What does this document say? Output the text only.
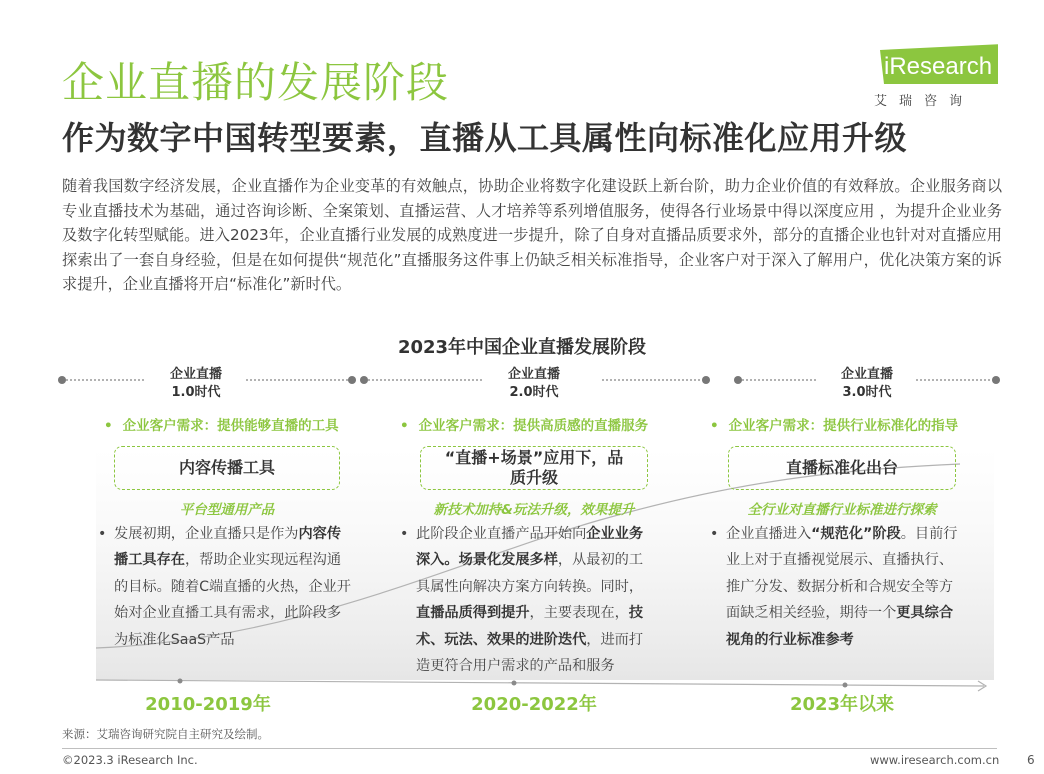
企业直播的发展阶段
作为数字中国转型要素，直播从工具属性向标准化应用升级
iResearch
艾瑞咨询
随着我国数字经济发展，企业直播作为企业变革的有效触点，协助企业将数字化建设跃上新台阶，助力企业价值的有效释放。企业服务商以专业直播技术为基础，通过咨询诊断、全案策划、直播运营、人才培养等系列增值服务，使得各行业场景中得以深度应用 ，为提升企业业务及数字化转型赋能。进入2023年，企业直播行业发展的成熟度进一步提升，除了自身对直播品质要求外，部分的直播企业也针对对直播应用探索出了一套自身经验，但是在如何提供“规范化”直播服务这件事上仍缺乏相关标准指导，企业客户对于深入了解用户，优化决策方案的诉求提升，企业直播将开启“标准化”新时代。
2023年中国企业直播发展阶段
企业直播
1.0时代
• 企业客户需求：提供能够直播的工具
内容传播工具
平台型通用产品
• 发展初期，企业直播只是作为内容传播工具存在，帮助企业实现远程沟通的目标。随着C端直播的火热，企业开始对企业直播工具有需求，此阶段多为标准化SaaS产品
2010-2019年
企业直播
2.0时代
• 企业客户需求：提供高质感的直播服务
“直播+场景”应用下，品质升级
新技术加持&玩法升级，效果提升
• 此阶段企业直播产品开始向企业业务深入。场景化发展多样，从最初的工具属性向解决方案方向转换。同时，直播品质得到提升，主要表现在，技术、玩法、效果的进阶迭代，进而打造更符合用户需求的产品和服务
2020-2022年
企业直播
3.0时代
• 企业客户需求：提供行业标准化的指导
直播标准化出台
全行业对直播行业标准进行探索
• 企业直播进入“规范化”阶段。目前行业上对于直播视觉展示、直播执行、推广分发、数据分析和合规安全等方面缺乏相关经验，期待一个更具综合视角的行业标准参考
2023年以来
来源：艾瑞咨询研究院自主研究及绘制。
©2023.3 iResearch Inc.	www.iresearch.com.cn 6
